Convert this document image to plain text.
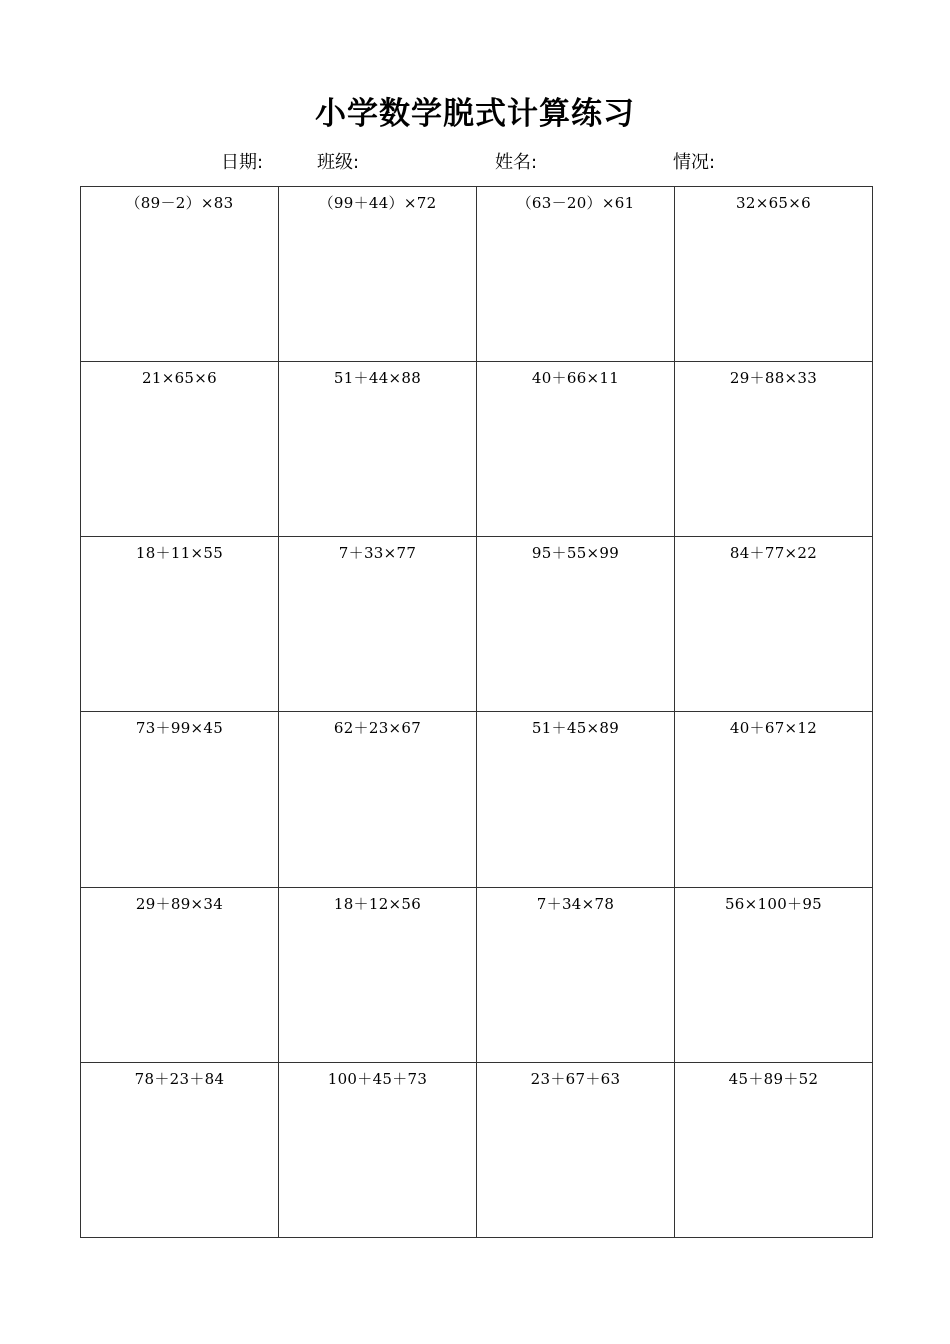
小学数学脱式计算练习
日期:	班级:	姓名:	情况:
（89－2）×83	（99＋44）×72	（63－20）×61	32×65×6

21×65×6	51＋44×88	40＋66×11	29＋88×33

18＋11×55	7＋33×77	95＋55×99	84＋77×22

73＋99×45	62＋23×67	51＋45×89	40＋67×12

29＋89×34	18＋12×56	7＋34×78	56×100＋95

78＋23＋84	100＋45＋73	23＋67＋63	45＋89＋52
